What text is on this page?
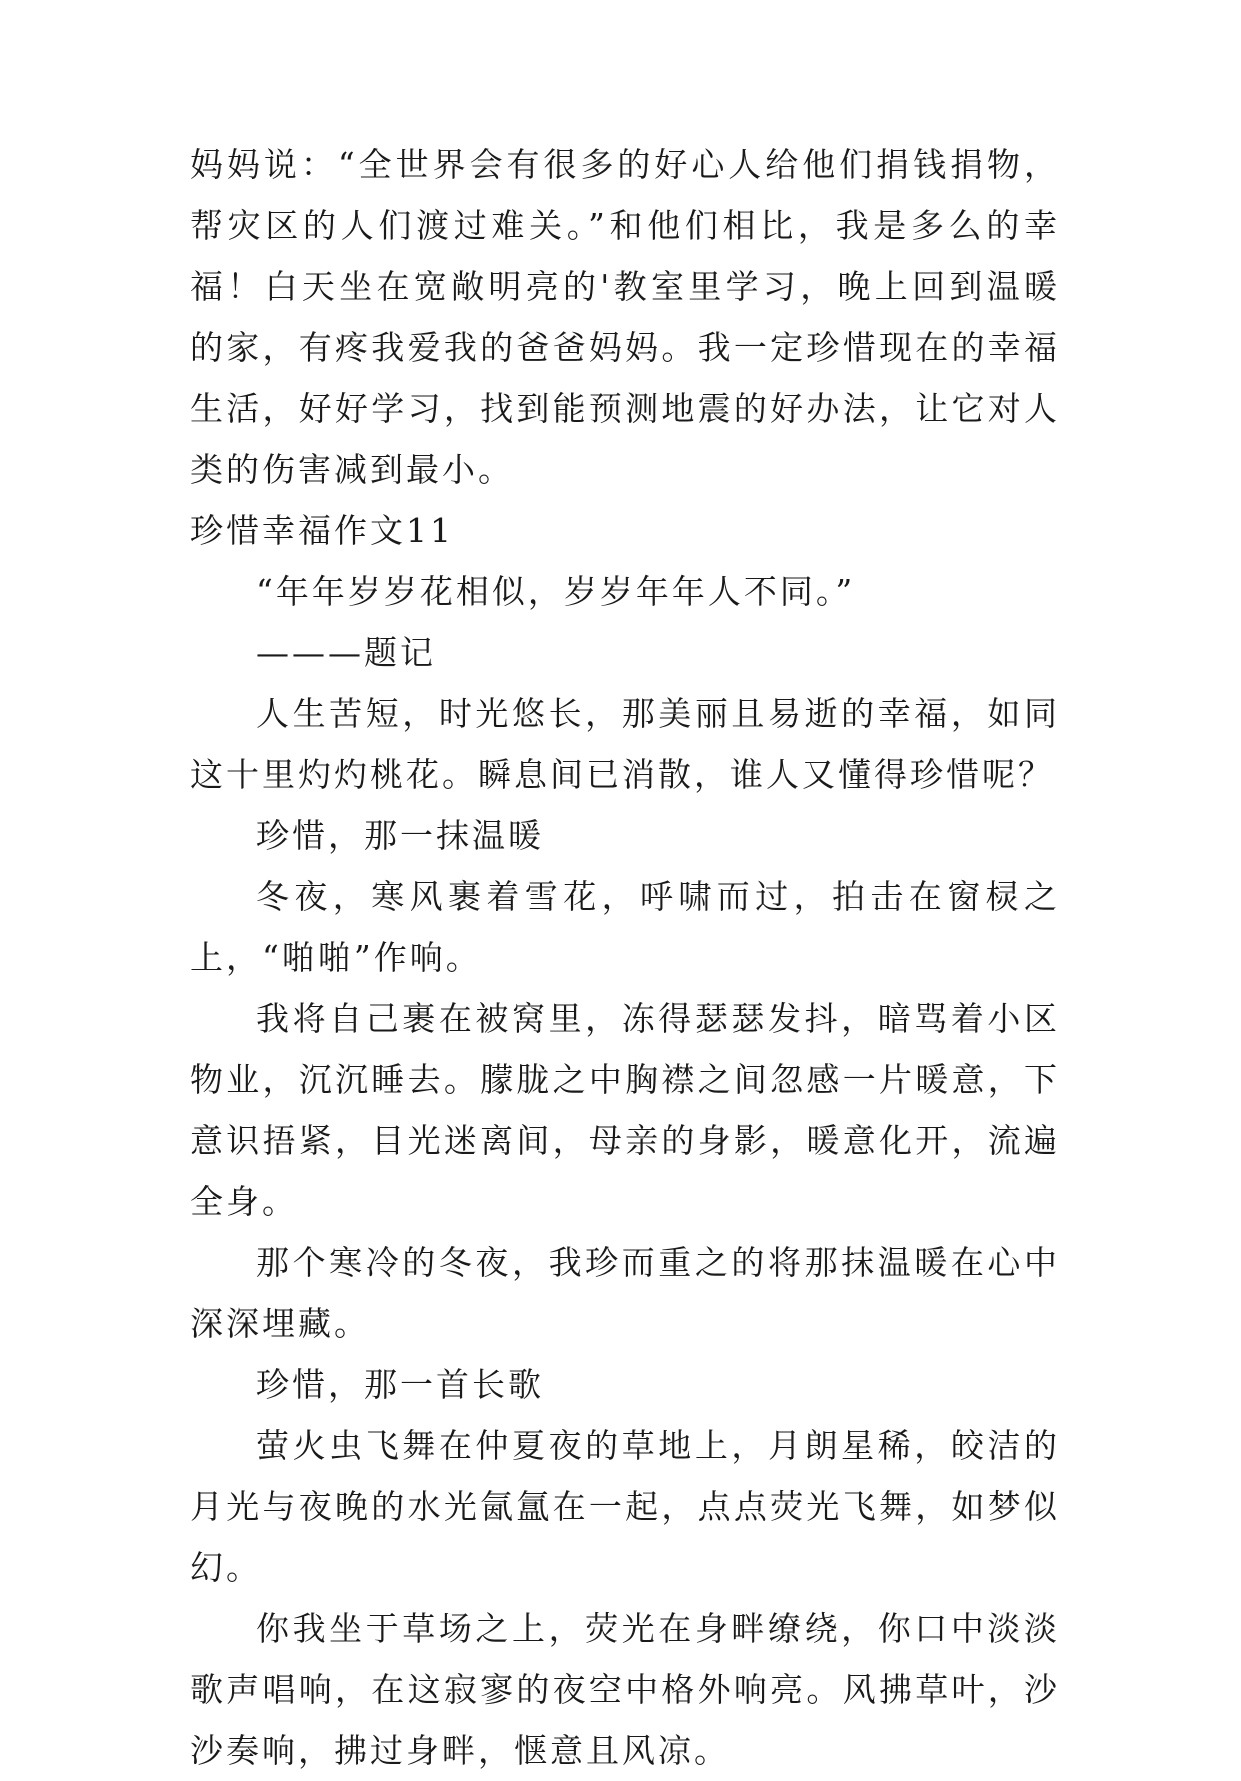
妈妈说：“全世界会有很多的好心人给他们捐钱捐物，帮灾区的人们渡过难关。”和他们相比，我是多么的幸福！白天坐在宽敞明亮的'教室里学习，晚上回到温暖的家，有疼我爱我的爸爸妈妈。我一定珍惜现在的幸福生活，好好学习，找到能预测地震的好办法，让它对人类的伤害减到最小。

珍惜幸福作文11

“年年岁岁花相似，岁岁年年人不同。”

———题记

人生苦短，时光悠长，那美丽且易逝的幸福，如同这十里灼灼桃花。瞬息间已消散，谁人又懂得珍惜呢？

珍惜，那一抹温暖

冬夜，寒风裹着雪花，呼啸而过，拍击在窗棂之上，“啪啪”作响。

我将自己裹在被窝里，冻得瑟瑟发抖，暗骂着小区物业，沉沉睡去。朦胧之中胸襟之间忽感一片暖意，下意识捂紧，目光迷离间，母亲的身影，暖意化开，流遍全身。

那个寒冷的冬夜，我珍而重之的将那抹温暖在心中深深埋藏。

珍惜，那一首长歌

萤火虫飞舞在仲夏夜的草地上，月朗星稀，皎洁的月光与夜晚的水光氤氲在一起，点点荧光飞舞，如梦似幻。

你我坐于草场之上，荧光在身畔缭绕，你口中淡淡歌声唱响，在这寂寥的夜空中格外响亮。风拂草叶，沙沙奏响，拂过身畔，惬意且风凉。
